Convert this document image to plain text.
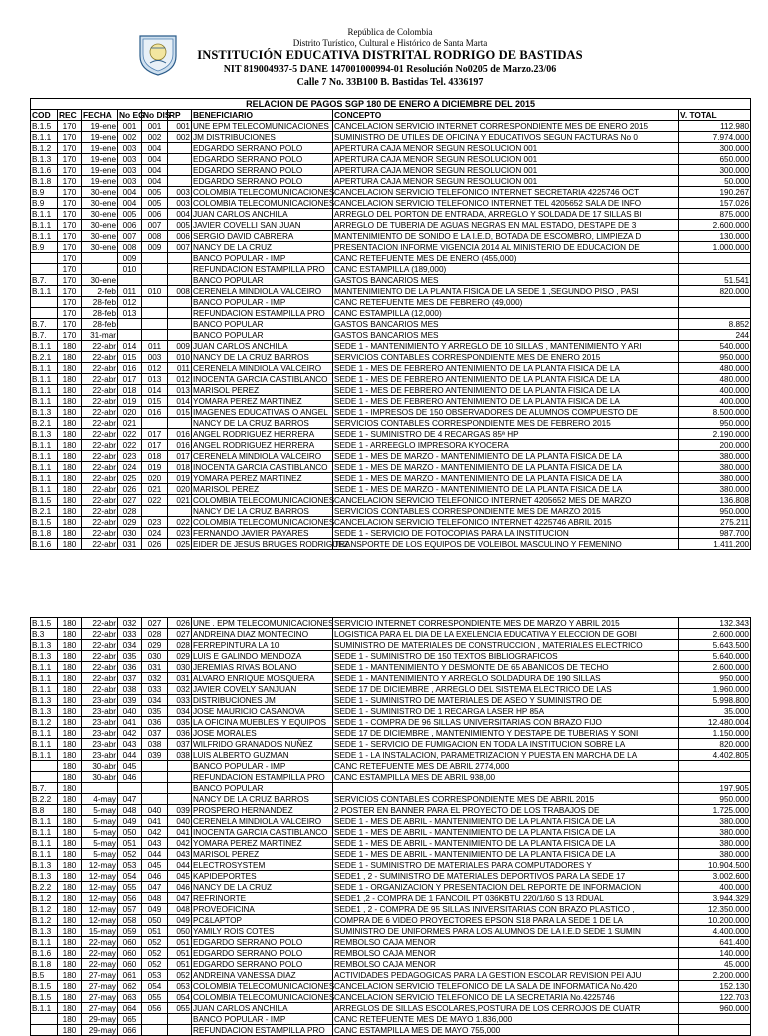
República de Colombia
Distrito Turístico, Cultural e Histórico de Santa Marta
INSTITUCIÓN EDUCATIVA DISTRITAL RODRIGO DE BASTIDAS
NIT 819004937-5 DANE 147001000994-01 Resolución No0205 de Marzo.23/06
Calle 7 No. 33B100 B. Bastidas Tel. 4336197
RELACION DE PAGOS SGP 180 DE ENERO A DICIEMBRE DEL 2015								
COD	REC	FECHA	No EG	No DIS	RP	BENEFICIARIO	CONCEPTO	V. TOTAL
B.1.5	170	19-ene	001	001	001	UNE EPM TELECOMUNICACIONES	CANCELACION SERVICIO INTERNET CORRESPONDIENTE MES DE ENERO 2015	112.980
B.1.1	170	19-ene	002	002	002	JM DISTRIBUCIONES	SUMINISTRO DE UTILES DE OFICINA Y EDUCATIVOS SEGUN FACTURAS No 0	7.974.000
B.1.2	170	19-ene	003	004		EDGARDO SERRANO POLO	APERTURA CAJA MENOR SEGUN RESOLUCION 001	300.000
B.1.3	170	19-ene	003	004		EDGARDO SERRANO POLO	APERTURA CAJA MENOR SEGUN RESOLUCION 001	650.000
B.1.6	170	19-ene	003	004		EDGARDO SERRANO POLO	APERTURA CAJA MENOR SEGUN RESOLUCION 001	300.000
B.1.8	170	19-ene	003	004		EDGARDO SERRANO POLO	APERTURA CAJA MENOR SEGUN RESOLUCION 001	50.000
B.9	170	30-ene	004	005	003	COLOMBIA TELECOMUNICACIONES	CANCELACION SERVICIO TELEFONICO INTERNET SECRETARIA 4225746 OCT	190.267
B.9	170	30-ene	004	005	003	COLOMBIA TELECOMUNICACIONES	CANCELACION SERVICIO TELEFONICO INTERNET TEL 4205652 SALA DE INFO	157.026
B.1.1	170	30-ene	005	006	004	JUAN CARLOS ANCHILA	ARREGLO DEL PORTON DE ENTRADA, ARREGLO Y SOLDADA DE 17 SILLAS BI	875.000
B.1.1	170	30-ene	006	007	005	JAVIER COVELLI SAN JUAN	ARREGLO DE TUBERIA DE AGUAS NEGRAS EN MAL ESTADO, DESTAPE DE 3	2.600.000
B.1.1	170	30-ene	007	008	006	SERGIO DAVID CABRERA	MANTENIMIENTO DE SONIDO E LA I.E.D, BOTADA DE ESCOMBRO, LIMPIEZA D	130.000
B.9	170	30-ene	008	009	007	NANCY DE LA CRUZ	PRESENTACION INFORME VIGENCIA 2014 AL MINISTERIO DE EDUCACION DE	1.000.000
	170		009			BANCO POPULAR - IMP	CANC RETEFUENTE MES DE ENERO (455,000)	
	170		010			REFUNDACION ESTAMPILLA PRO	CANC ESTAMPILLA (189,000)	
B.7.	170	30-ene				BANCO POPULAR	GASTOS BANCARIOS MES	51.541
B.1.1	170	2-feb	011	010	008	CERENELA MINDIOLA VALCEIRO	MANTENIMIENTO DE LA PLANTA FISICA DE LA SEDE 1 ,SEGUNDO PISO , PASI	820.000
	170	28-feb	012			BANCO POPULAR - IMP	CANC RETEFUENTE MES DE FEBRERO (49,000)	
	170	28-feb	013			REFUNDACION ESTAMPILLA PRO	CANC ESTAMPILLA (12,000)	
B.7.	170	28-feb				BANCO POPULAR	GASTOS BANCARIOS MES	8.852
B.7.	170	31-mar				BANCO POPULAR	GASTOS BANCARIOS MES	244
B.1.1	180	22-abr	014	011	009	JUAN CARLOS ANCHILA	SEDE 1 - MANTENIMIENTO Y ARREGLO DE 10 SILLAS , MANTENIMIENTO Y ARI	540.000
B.2.1	180	22-abr	015	003	010	NANCY DE LA CRUZ BARROS	SERVICIOS CONTABLES CORRESPONDIENTE MES DE ENERO 2015	950.000
B.1.1	180	22-abr	016	012	011	CERENELA MINDIOLA VALCEIRO	SEDE 1 - MES DE FEBRERO ANTENIMIENTO DE LA PLANTA FISICA DE LA	480.000
B.1.1	180	22-abr	017	013	012	INOCENTA GARCIA CASTIBLANCO	SEDE 1 - MES DE FEBRERO ANTENIMIENTO DE LA PLANTA FISICA DE LA	480.000
B.1.1	180	22-abr	018	014	013	MARISOL PEREZ	SEDE 1 - MES DE FEBRERO ANTENIMIENTO DE LA PLANTA FISICA DE LA	400.000
B.1.1	180	22-abr	019	015	014	YOMARA PEREZ MARTINEZ	SEDE 1 - MES DE FEBRERO ANTENIMIENTO DE LA PLANTA FISICA DE LA	400.000
B.1.3	180	22-abr	020	016	015	IMAGENES EDUCATIVAS O ANGEL	SEDE 1 - IMPRESOS DE 150 OBSERVADORES DE ALUMNOS COMPUESTO DE	8.500.000
B.2.1	180	22-abr	021			NANCY DE LA CRUZ BARROS	SERVICIOS CONTABLES CORRESPONDIENTE MES DE FEBRERO 2015	950.000
B.1.3	180	22-abr	022	017	016	ANGEL RODRIGUEZ HERRERA	SEDE 1 - SUMINISTRO DE 4 RECARGAS 85ª HP	2.190.000
B.1.1	180	22-abr	022	017	016	ANGEL RODRIGUEZ HERRERA	SEDE 1 - ARREEGLO IMPRESORA KYOCERA	200.000
B.1.1	180	22-abr	023	018	017	CERENELA MINDIOLA VALCEIRO	SEDE 1 - MES DE MARZO - MANTENIMIENTO DE LA PLANTA FISICA DE LA	380.000
B.1.1	180	22-abr	024	019	018	INOCENTA GARCIA CASTIBLANCO	SEDE 1 - MES DE MARZO - MANTENIMIENTO DE LA PLANTA FISICA DE LA	380.000
B.1.1	180	22-abr	025	020	019	YOMARA PEREZ MARTINEZ	SEDE 1 - MES DE MARZO - MANTENIMIENTO DE LA PLANTA FISICA DE LA	380.000
B.1.1	180	22-abr	026	021	020	MARISOL PEREZ	SEDE 1 - MES DE MARZO - MANTENIMIENTO DE LA PLANTA FISICA DE LA	380.000
B.1.5	180	22-abr	027	022	021	COLOMBIA TELECOMUNICACIONES	CANCELACION SERVICIO TELEFONICO INTERNET 4205652 MES DE MARZO	136.808
B.2.1	180	22-abr	028			NANCY DE LA CRUZ BARROS	SERVICIOS CONTABLES CORRESPONDIENTE MES DE MARZO 2015	950.000
B.1.5	180	22-abr	029	023	022	COLOMBIA TELECOMUNICACIONES	CANCELACION SERVICIO TELEFONICO INTERNET 4225746 ABRIL 2015	275.211
B.1.8	180	22-abr	030	024	023	FERNANDO JAVIER PAYARES	SEDE 1 - SERVICIO DE FOTOCOPIAS PARA LA INSTITUCION	987.700
B.1.6	180	22-abr	031	026	025	EIDER DE JESUS BRUGES RODRIGUEZ	TRANSPORTE DE LOS EQUIPOS DE VOLEIBOL MASCULINO Y FEMENINO	1.411.200
B.1.5	180	22-abr	032	027	026	UNE . EPM TELECOMUNICACIONES	SERVICIO INTERNET CORRESPONDIENTE MES DE MARZO Y ABRIL 2015	132.343
B.3	180	22-abr	033	028	027	ANDREINA DIAZ MONTECINO	LOGISTICA PARA EL DIA DE LA EXELENCIA EDUCATIVA Y ELECCION DE GOBI	2.600.000
B.1.3	180	22-abr	034	029	028	FERREPINTURA LA 10	SUMINISTRO DE MATERIALES DE CONSTRUCCION , MATERIALES ELECTRICO	5.643.500
B.1.3	180	22-abr	035	030	029	LUIS E GALINDO MENDOZA	SEDE 1 - SUMINISTRO DE 150 TEXTOS BIBLIOGRAFICOS	5.640.000
B.1.1	180	22-abr	036	031	030	JEREMIAS RIVAS BOLANO	SEDE 1 - MANTENIMIENTO Y DESMONTE DE 65 ABANICOS DE TECHO	2.600.000
B.1.1	180	22-abr	037	032	031	ALVARO ENRIQUE MOSQUERA	SEDE 1 - MANTENIMIENTO Y ARREGLO SOLDADURA DE 190 SILLAS	950.000
B.1.1	180	22-abr	038	033	032	JAVIER COVELY SANJUAN	SEDE 17 DE DICIEMBRE , ARREGLO DEL SISTEMA ELECTRICO DE LAS	1.960.000
B.1.3	180	23-abr	039	034	033	DISTRIBUCIONES JM	SEDE 1 - SUMINISTRO DE MATERIALES DE ASEO Y SUMINISTRO DE	5.998.800
B.1.3	180	23-abr	040	035	034	JOSE MAURICIO CASANOVA	SEDE 1 - SUMINISTRO DE 1 RECARGA LASER HP 85A	35.000
B.1.2	180	23-abr	041	036	035	LA OFICINA MUEBLES Y EQUIPOS	SEDE 1 - COMPRA DE 96 SILLAS UNIVERSITARIAS CON BRAZO FIJO	12.480.004
B.1.1	180	23-abr	042	037	036	JOSE MORALES	SEDE 17 DE DICIEMBRE , MANTENIMIENTO Y DESTAPE DE TUBERIAS Y SONI	1.150.000
B.1.1	180	23-abr	043	038	037	WILFRIDO GRANADOS NUÑEZ	SEDE 1 - SERVICIO DE FUMIGACION EN TODA LA INSTITUCION SOBRE LA	820.000
B.1.1	180	23-abr	044	039	038	LUIS ALBERTO GUZMAN	SEDE 1 - LA INSTALACION, PARAMETRIZACION Y PUESTA EN MARCHA DE LA	4.402.805
	180	30-abr	045			BANCO POPULAR - IMP	CANC RETEFUENTE MES DE ABRIL 2774,000	
	180	30-abr	046			REFUNDACION ESTAMPILLA PRO	CANC ESTAMPILLA MES DE ABRIL 938,00	
B.7.	180					BANCO POPULAR		197.905
B.2.2	180	4-may	047			NANCY DE LA CRUZ BARROS	SERVICIOS CONTABLES CORRESPONDIENTE MES DE ABRIL 2015	950.000
B.8	180	5-may	048	040	039	PROSPERO HERNANDEZ	2 POSTER EN BANNER PARA EL PROYECTO DE LOS TRABAJOS DE	1.725.000
B.1.1	180	5-may	049	041	040	CERENELA MINDIOLA VALCEIRO	SEDE 1 - MES DE ABRIL - MANTENIMIENTO DE LA PLANTA FISICA DE LA	380.000
B.1.1	180	5-may	050	042	041	INOCENTA GARCIA CASTIBLANCO	SEDE 1 - MES DE ABRIL - MANTENIMIENTO DE LA PLANTA FISICA DE LA	380.000
B.1.1	180	5-may	051	043	042	YOMARA PEREZ MARTINEZ	SEDE 1 - MES DE ABRIL - MANTENIMIENTO DE LA PLANTA FISICA DE LA	380.000
B.1.1	180	5-may	052	044	043	MARISOL PEREZ	SEDE 1 - MES DE ABRIL - MANTENIMIENTO DE LA PLANTA FISICA DE LA	380.000
B.1.3	180	12-may	053	045	044	ELECTROSYSTEM	SEDE 1 - SUMINISTRO DE MATERIALES PARA COMPUTADORES Y	10.904.500
B.1.3	180	12-may	054	046	045	KAPIDEPORTES	SEDE1 , 2 - SUMINISTRO DE MATERIALES DEPORTIVOS PARA LA SEDE 17	3.002.600
B.2.2	180	12-may	055	047	046	NANCY DE LA CRUZ	SEDE 1 - ORGANIZACION Y PRESENTACION DEL REPORTE DE INFORMACION	400.000
B.1.2	180	12-may	056	048	047	REFRINORTE	SEDE1 ,2 - COMPRA DE 1 FANCOIL PT 036KBTU 220/1/60 S 13 RDUAL	3.944.329
B.1.2	180	12-may	057	049	048	PROVEOFICINA	SEDE1 , 2 - COMPRA DE 95 SILLAS INIVERSITARIAS CON BRAZO PLASTICO ,	12.350.000
B.1.2	180	12-may	058	050	049	PC&LAPTOP	COMPRA DE 6 VIDEO PROYECTORES EPSON S18 PARA LA SEDE 1 DE LA	10.200.000
B.1.3	180	15-may	059	051	050	YAMILY ROIS COTES	SUMINISTRO DE UNIFORMES PARA LOS ALUMNOS DE LA I.E.D SEDE 1 SUMIN	4.400.000
B.1.1	180	22-may	060	052	051	EDGARDO SERRANO POLO	REMBOLSO CAJA MENOR	641.400
B.1.6	180	22-may	060	052	051	EDGARDO SERRANO POLO	REMBOLSO CAJA MENOR	140.000
B.1.8	180	22-may	060	052	051	EDGARDO SERRANO POLO	REMBOLSO CAJA MENOR	45.000
B.5	180	27-may	061	053	052	ANDREINA VANESSA DIAZ	ACTIVIDADES PEDAGOGICAS PARA LA GESTION ESCOLAR REVISION PEI AJU	2.200.000
B.1.5	180	27-may	062	054	053	COLOMBIA TELECOMUNICACIONES	CANCELACION SERVICIO TELEFONICO DE LA SALA DE INFORMATICA No.420	152.130
B.1.5	180	27-may	063	055	054	COLOMBIA TELECOMUNICACIONES	CANCELACION SERVICIO TELEFONICO DE LA SECRETARIA No.4225746	122.703
B.1.1	180	27-may	064	056	055	JUAN CARLOS ANCHILA	ARREGLOS DE SILLAS ESCOLARES,POSTURA DE LOS CERROJOS DE CUATR	960.000
	180	29-may	065			BANCO POPULAR - IMP	CANC RETEFUENTE MES DE MAYO 1.836,000	
	180	29-may	066			REFUNDACION ESTAMPILLA PRO	CANC ESTAMPILLA MES DE MAYO 755,000	
